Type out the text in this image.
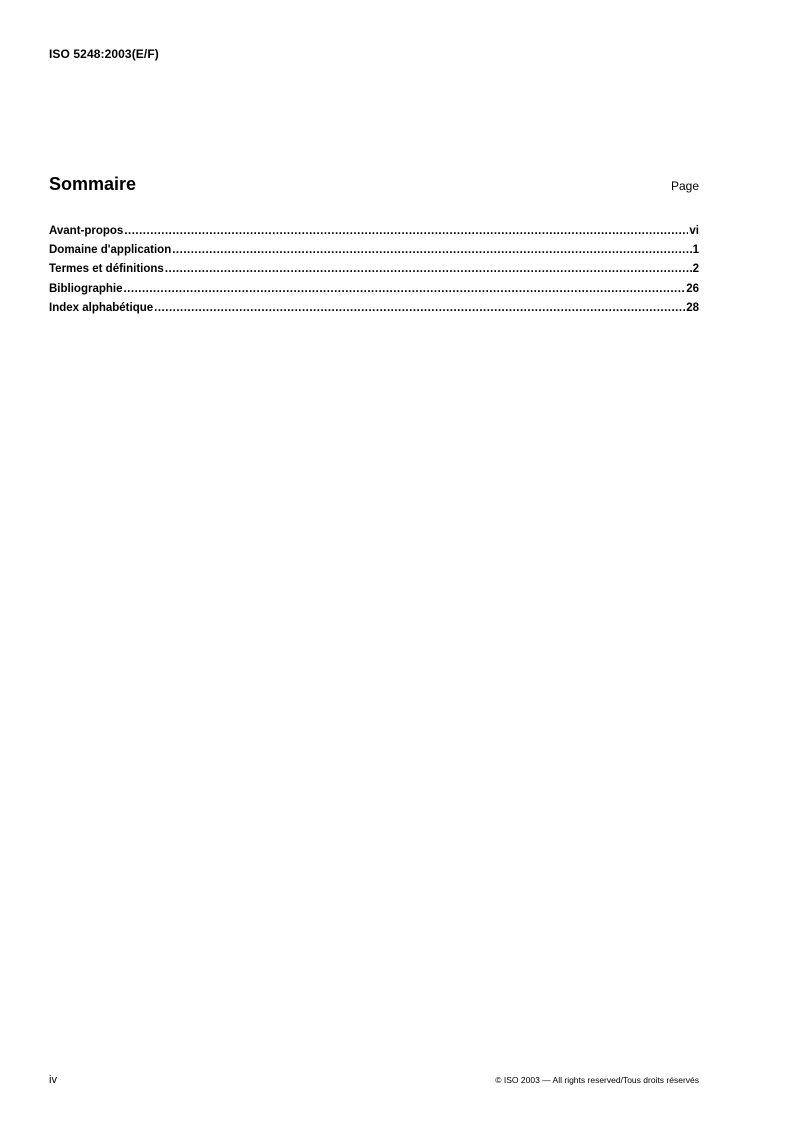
ISO 5248:2003(E/F)
Sommaire	Page
Avant-propos .....	vi
Domaine d'application .....	1
Termes et définitions .....	2
Bibliographie .....	26
Index alphabétique .....	28
iv	© ISO 2003 — All rights reserved/Tous droits réservés
